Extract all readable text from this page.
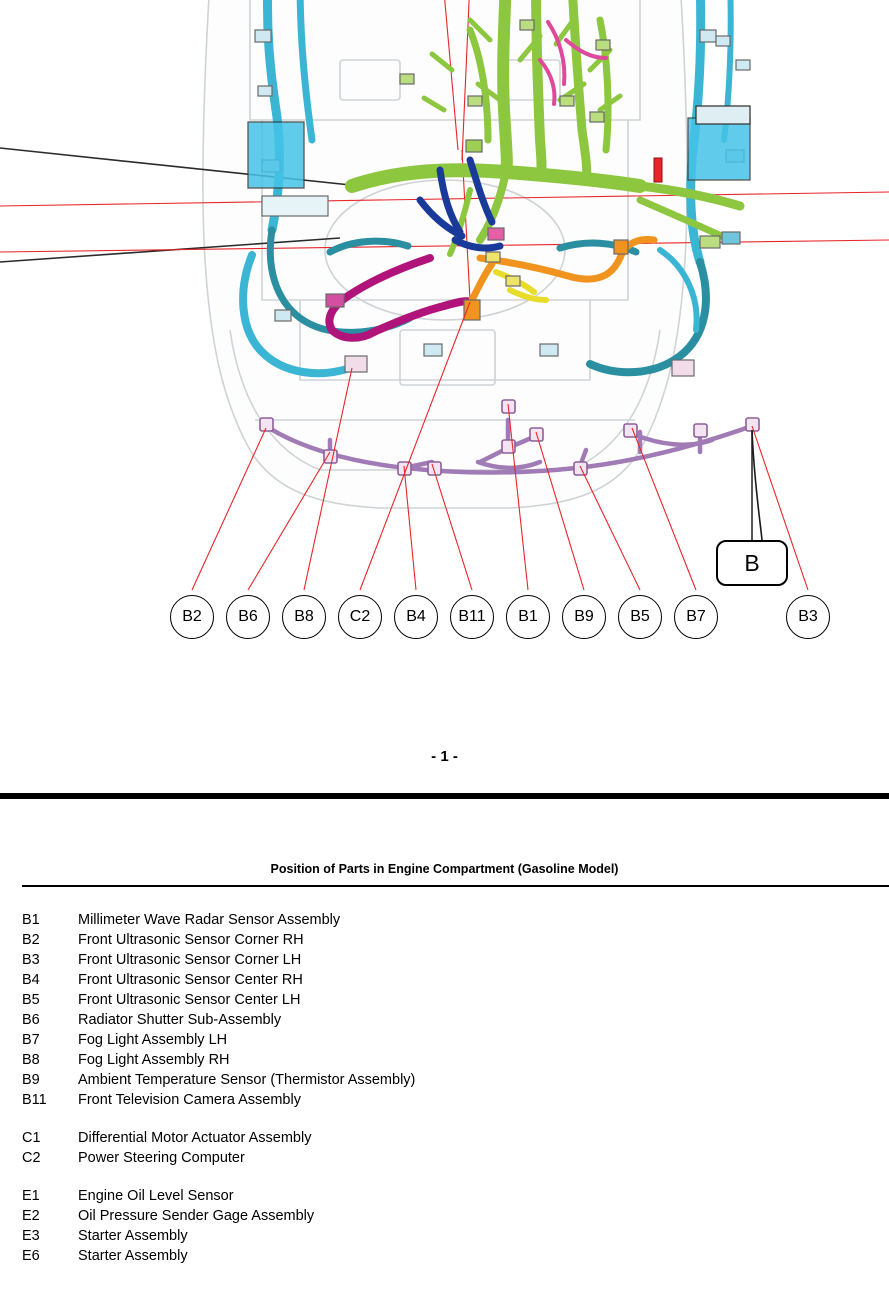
B
B2	B6	B8	C2	B4	B11	B1	B9	B5	B7	B3
- 1 -
Position of Parts in Engine Compartment (Gasoline Model)
B1	Millimeter Wave Radar Sensor Assembly
B2	Front Ultrasonic Sensor Corner RH
B3	Front Ultrasonic Sensor Corner LH
B4	Front Ultrasonic Sensor Center RH
B5	Front Ultrasonic Sensor Center LH
B6	Radiator Shutter Sub-Assembly
B7	Fog Light Assembly LH
B8	Fog Light Assembly RH
B9	Ambient Temperature Sensor (Thermistor Assembly)
B11	Front Television Camera Assembly
C1	Differential Motor Actuator Assembly
C2	Power Steering Computer
E1	Engine Oil Level Sensor
E2	Oil Pressure Sender Gage Assembly
E3	Starter Assembly
E6	Starter Assembly
